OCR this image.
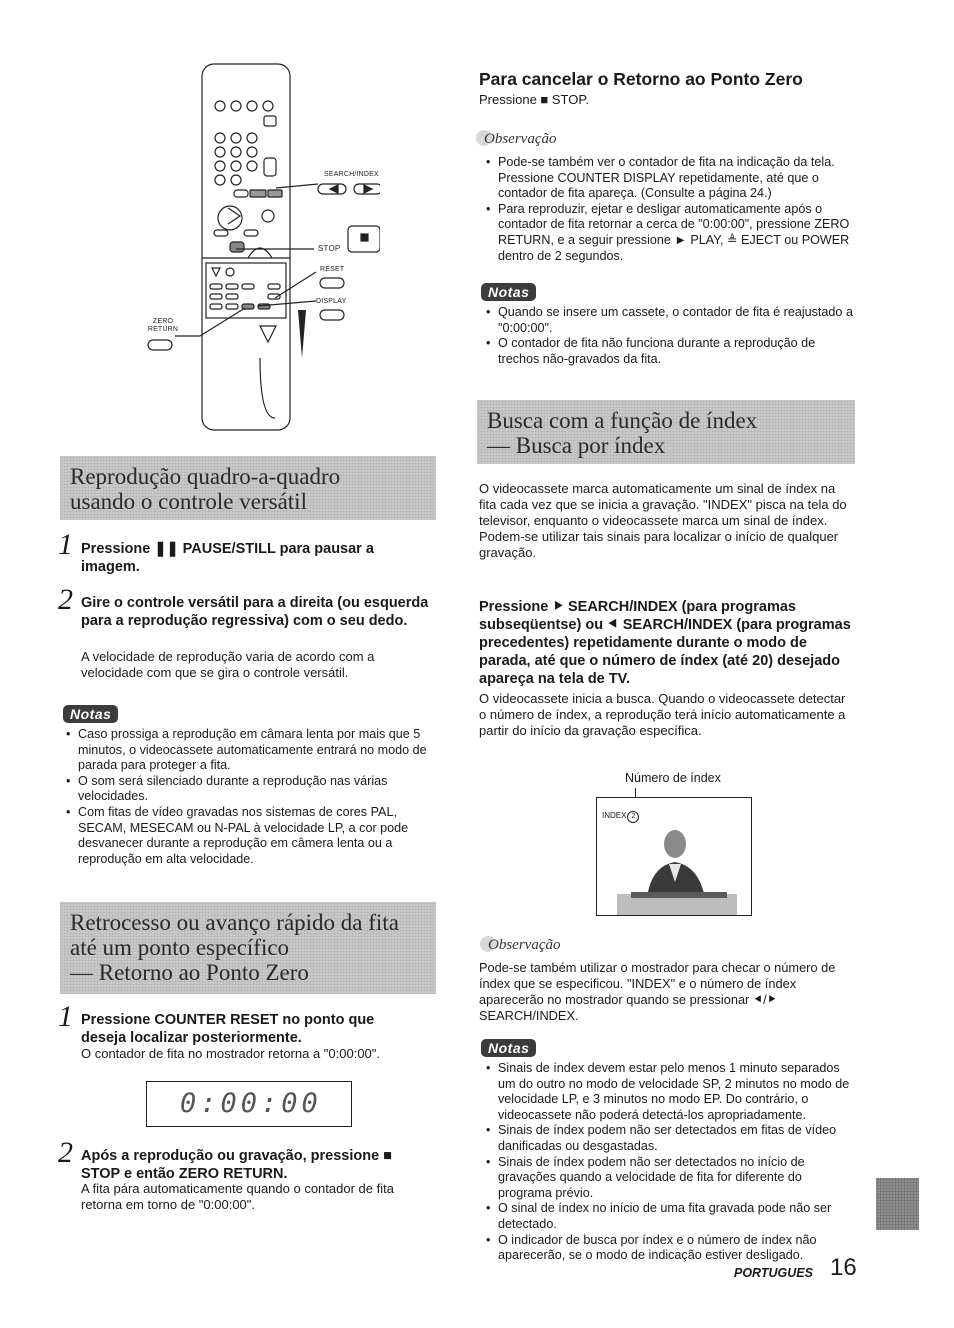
SEARCH/INDEX
STOP
RESET
DISPLAY
ZERO RETURN
Para cancelar o Retorno ao Ponto Zero
Pressione ■ STOP.
Observação
• Pode-se também ver o contador de fita na indicação da tela. Pressione COUNTER DISPLAY repetidamente, até que o contador de fita apareça. (Consulte a página 24.)
• Para reproduzir, ejetar e desligar automaticamente após o contador de fita retornar a cerca de "0:00:00", pressione ZERO RETURN, e a seguir pressione ► PLAY, ≜ EJECT ou POWER dentro de 2 segundos.
Notas
• Quando se insere um cassete, o contador de fita é reajustado a "0:00:00".
• O contador de fita não funciona durante a reprodução de trechos não-gravados da fita.
Busca com a função de índex
— Busca por índex
O videocassete marca automaticamente um sinal de índex na fita cada vez que se inicia a gravação. "INDEX" pisca na tela do televisor, enquanto o videocassete marca um sinal de índex. Podem-se utilizar tais sinais para localizar o início de qualquer gravação.
Pressione ⯈ SEARCH/INDEX (para programas subseqüentse) ou ⯇ SEARCH/INDEX (para programas precedentes) repetidamente durante o modo de parada, até que o número de índex (até 20) desejado apareça na tela de TV.
O videocassete inicia a busca. Quando o videocassete detectar o número de índex, a reprodução terá início automaticamente a partir do início da gravação específica.
Número de índex
INDEX 2
Observação
Pode-se também utilizar o mostrador para checar o número de índex que se especificou. "INDEX" e o número de índex aparecerão no mostrador quando se pressionar ⯇/⯈ SEARCH/INDEX.
Notas
• Sinais de índex devem estar pelo menos 1 minuto separados um do outro no modo de velocidade SP, 2 minutos no modo de velocidade LP, e 3 minutos no modo EP. Do contrário, o videocassete não poderá detectá-los apropriadamente.
• Sinais de índex podem não ser detectados em fitas de vídeo danificadas ou desgastadas.
• Sinais de índex podem não ser detectados no início de gravações quando a velocidade de fita for diferente do programa prévio.
• O sinal de índex no início de uma fita gravada pode não ser detectado.
• O indicador de busca por índex e o número de índex não aparecerão, se o modo de indicação estiver desligado.
Reprodução quadro-a-quadro
usando o controle versátil
1 Pressione ❚❚ PAUSE/STILL para pausar a imagem.
2 Gire o controle versátil para a direita (ou esquerda para a reprodução regressiva) com o seu dedo.
A velocidade de reprodução varia de acordo com a velocidade com que se gira o controle versátil.
Notas
• Caso prossiga a reprodução em câmara lenta por mais que 5 minutos, o videocassete automaticamente entrará no modo de parada para proteger a fita.
• O som será silenciado durante a reprodução nas várias velocidades.
• Com fitas de vídeo gravadas nos sistemas de cores PAL, SECAM, MESECAM ou N-PAL à velocidade LP, a cor pode desvanecer durante a reprodução em câmera lenta ou a reprodução em alta velocidade.
Retrocesso ou avanço rápido da fita
até um ponto específico
— Retorno ao Ponto Zero
1 Pressione COUNTER RESET no ponto que deseja localizar posteriormente.
O contador de fita no mostrador retorna a "0:00:00".
0:00:00
2 Após a reprodução ou gravação, pressione ■ STOP e então ZERO RETURN.
A fita pára automaticamente quando o contador de fita retorna em torno de "0:00:00".
PORTUGUES 16
